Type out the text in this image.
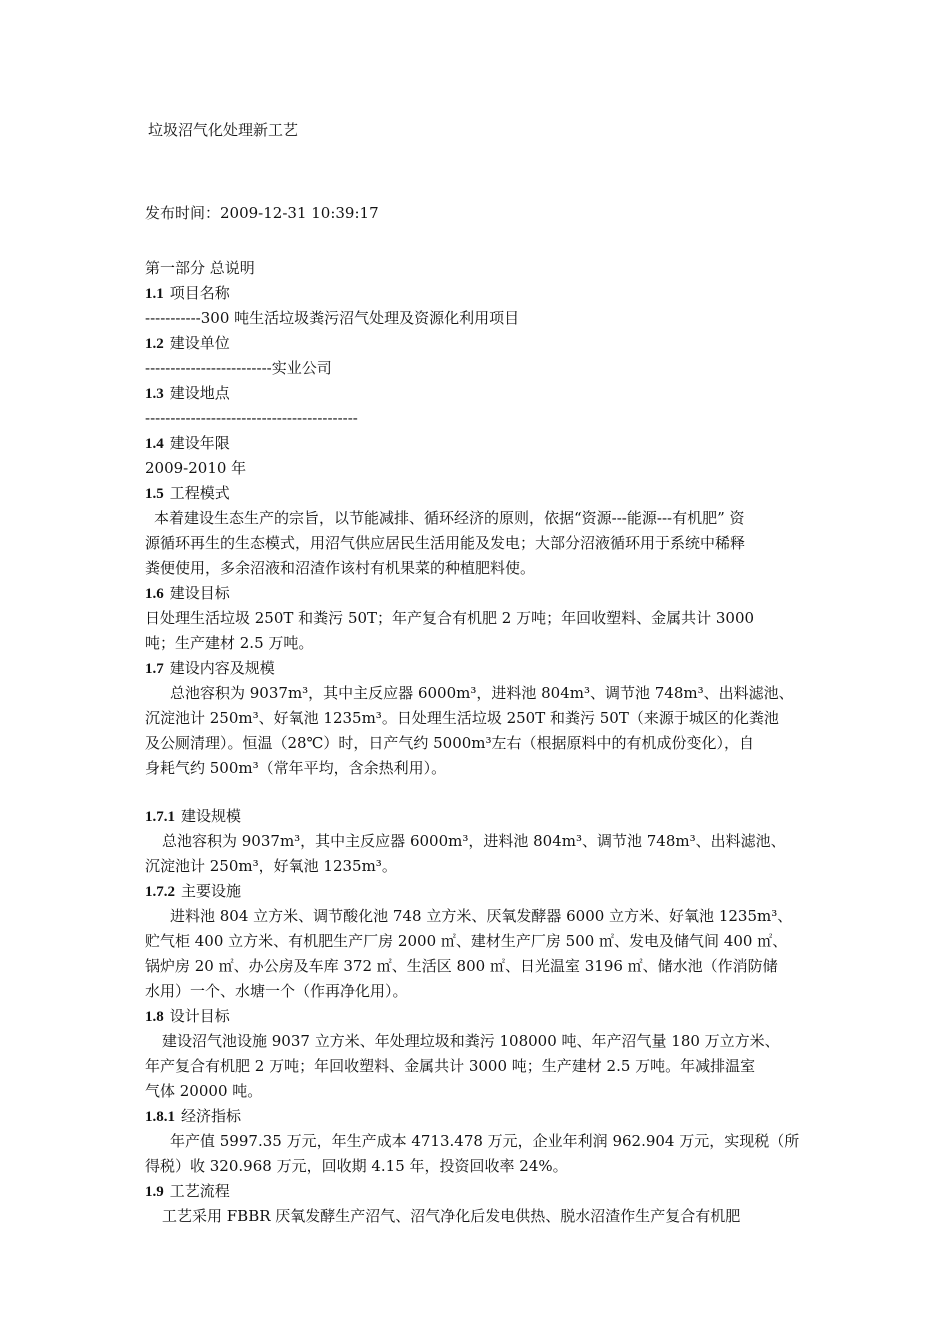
垃圾沼气化处理新工艺
发布时间：2009-12-31 10:39:17
第一部分 总说明
1.1 项目名称
-----------300 吨生活垃圾粪污沼气处理及资源化利用项目
1.2 建设单位
-------------------------实业公司
1.3 建设地点
------------------------------------------
1.4 建设年限
2009-2010 年
1.5 工程模式
本着建设生态生产的宗旨，以节能减排、循环经济的原则，依据“资源---能源---有机肥” 资
源循环再生的生态模式，用沼气供应居民生活用能及发电；大部分沼液循环用于系统中稀释
粪便使用，多余沼液和沼渣作该村有机果菜的种植肥料使。
1.6 建设目标
日处理生活垃圾 250T 和粪污 50T；年产复合有机肥 2 万吨；年回收塑料、金属共计 3000
吨；生产建材 2.5 万吨。
1.7 建设内容及规模
总池容积为 9037m³，其中主反应器 6000m³，进料池 804m³、调节池 748m³、出料滤池、
沉淀池计 250m³、好氧池 1235m³。日处理生活垃圾 250T 和粪污 50T（来源于城区的化粪池
及公厕清理）。恒温（28℃）时，日产气约 5000m³左右（根据原料中的有机成份变化），自
身耗气约 500m³（常年平均，含余热利用）。
1.7.1 建设规模
总池容积为 9037m³，其中主反应器 6000m³，进料池 804m³、调节池 748m³、出料滤池、
沉淀池计 250m³，好氧池 1235m³。
1.7.2 主要设施
进料池 804 立方米、调节酸化池 748 立方米、厌氧发酵器 6000 立方米、好氧池 1235m³、
贮气柜 400 立方米、有机肥生产厂房 2000 ㎡、建材生产厂房 500 ㎡、发电及储气间 400 ㎡、
锅炉房 20 ㎡、办公房及车库 372 ㎡、生活区 800 ㎡、日光温室 3196 ㎡、储水池（作消防储
水用）一个、水塘一个（作再净化用）。
1.8 设计目标
建设沼气池设施 9037 立方米、年处理垃圾和粪污 108000 吨、年产沼气量 180 万立方米、
年产复合有机肥 2 万吨；年回收塑料、金属共计 3000 吨；生产建材 2.5 万吨。年减排温室
气体 20000 吨。
1.8.1 经济指标
年产值 5997.35 万元，年生产成本 4713.478 万元，企业年利润 962.904 万元，实现税（所
得税）收 320.968 万元，回收期 4.15 年，投资回收率 24%。
1.9 工艺流程
工艺采用 FBBR 厌氧发酵生产沼气、沼气净化后发电供热、脱水沼渣作生产复合有机肥
